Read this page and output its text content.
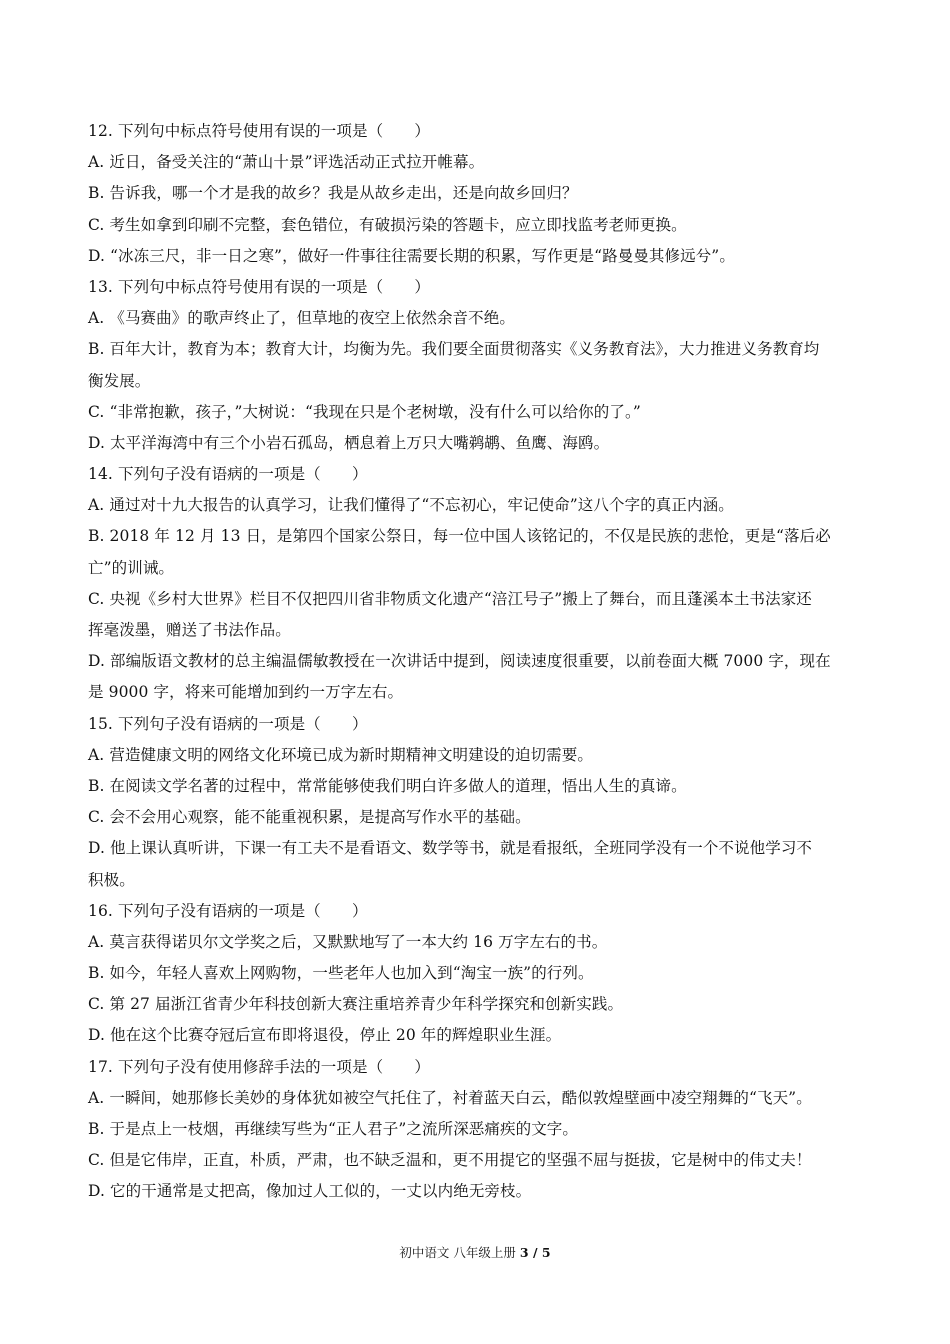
12. 下列句中标点符号使用有误的一项是（　　）
A. 近日，备受关注的“萧山十景”评选活动正式拉开帷幕。
B. 告诉我，哪一个才是我的故乡？我是从故乡走出，还是向故乡回归？
C. 考生如拿到印刷不完整，套色错位，有破损污染的答题卡，应立即找监考老师更换。
D. “冰冻三尺，非一日之寒”，做好一件事往往需要长期的积累，写作更是“路曼曼其修远兮”。
13. 下列句中标点符号使用有误的一项是（　　）
A. 《马赛曲》的歌声终止了，但草地的夜空上依然余音不绝。
B. 百年大计，教育为本；教育大计，均衡为先。我们要全面贯彻落实《义务教育法》，大力推进义务教育均
衡发展。
C. “非常抱歉，孩子，”大树说：“我现在只是个老树墩，没有什么可以给你的了。”
D. 太平洋海湾中有三个小岩石孤岛，栖息着上万只大嘴鹈鹕、鱼鹰、海鸥。
14. 下列句子没有语病的一项是（　　）
A. 通过对十九大报告的认真学习，让我们懂得了“不忘初心，牢记使命”这八个字的真正内涵。
B. 2018 年 12 月 13 日，是第四个国家公祭日，每一位中国人该铭记的，不仅是民族的悲怆，更是“落后必
亡”的训诫。
C. 央视《乡村大世界》栏目不仅把四川省非物质文化遗产“涪江号子”搬上了舞台，而且蓬溪本土书法家还
挥毫泼墨，赠送了书法作品。
D. 部编版语文教材的总主编温儒敏教授在一次讲话中提到，阅读速度很重要，以前卷面大概 7000 字，现在
是 9000 字，将来可能增加到约一万字左右。
15. 下列句子没有语病的一项是（　　）
A. 营造健康文明的网络文化环境已成为新时期精神文明建设的迫切需要。
B. 在阅读文学名著的过程中，常常能够使我们明白许多做人的道理，悟出人生的真谛。
C. 会不会用心观察，能不能重视积累，是提高写作水平的基础。
D. 他上课认真听讲，下课一有工夫不是看语文、数学等书，就是看报纸，全班同学没有一个不说他学习不
积极。
16. 下列句子没有语病的一项是（　　）
A. 莫言获得诺贝尔文学奖之后，又默默地写了一本大约 16 万字左右的书。
B. 如今，年轻人喜欢上网购物，一些老年人也加入到“淘宝一族”的行列。
C. 第 27 届浙江省青少年科技创新大赛注重培养青少年科学探究和创新实践。
D. 他在这个比赛夺冠后宣布即将退役，停止 20 年的辉煌职业生涯。
17. 下列句子没有使用修辞手法的一项是（　　）
A. 一瞬间，她那修长美妙的身体犹如被空气托住了，衬着蓝天白云，酷似敦煌壁画中凌空翔舞的“飞天”。
B. 于是点上一枝烟，再继续写些为“正人君子”之流所深恶痛疾的文字。
C. 但是它伟岸，正直，朴质，严肃，也不缺乏温和，更不用提它的坚强不屈与挺拔，它是树中的伟丈夫！
D. 它的干通常是丈把高，像加过人工似的，一丈以内绝无旁枝。
初中语文 八年级上册 3 / 5
